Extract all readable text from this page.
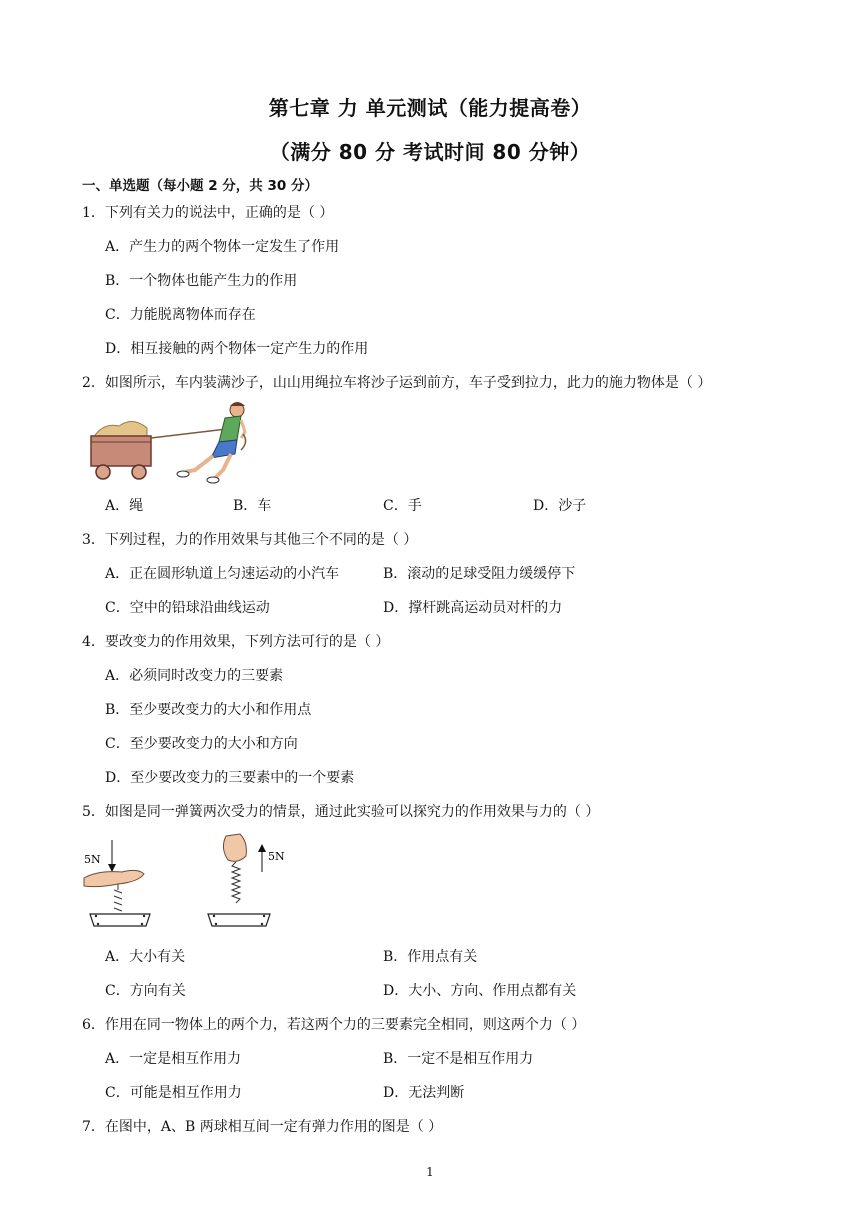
第七章 力 单元测试（能力提高卷）
（满分 80 分 考试时间 80 分钟）
一、单选题（每小题 2 分，共 30 分）
1．下列有关力的说法中，正确的是（ ）
A．产生力的两个物体一定发生了作用
B．一个物体也能产生力的作用
C．力能脱离物体而存在
D．相互接触的两个物体一定产生力的作用
2．如图所示，车内装满沙子，山山用绳拉车将沙子运到前方，车子受到拉力，此力的施力物体是（ ）
A．绳	B．车	C．手	D．沙子
3．下列过程，力的作用效果与其他三个不同的是（ ）
A．正在圆形轨道上匀速运动的小汽车	B．滚动的足球受阻力缓缓停下
C．空中的铅球沿曲线运动	D．撑杆跳高运动员对杆的力
4．要改变力的作用效果，下列方法可行的是（ ）
A．必须同时改变力的三要素
B．至少要改变力的大小和作用点
C．至少要改变力的大小和方向
D．至少要改变力的三要素中的一个要素
5．如图是同一弹簧两次受力的情景，通过此实验可以探究力的作用效果与力的（ ）
5N	5N
A．大小有关	B．作用点有关
C．方向有关	D．大小、方向、作用点都有关
6．作用在同一物体上的两个力，若这两个力的三要素完全相同，则这两个力（ ）
A．一定是相互作用力	B．一定不是相互作用力
C．可能是相互作用力	D．无法判断
7．在图中，A、B 两球相互间一定有弹力作用的图是（ ）
1
